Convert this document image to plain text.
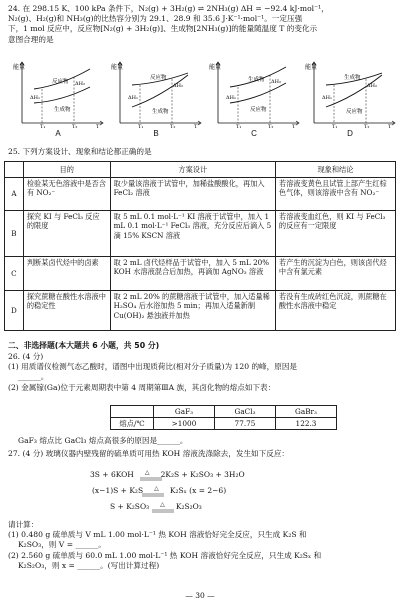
24. 在 298.15 K、100 kPa 条件下，N₂(g) + 3H₂(g) ⇌ 2NH₃(g) ΔH = −92.4 kJ·mol⁻¹，

N₂(g)、H₂(g)和 NH₃(g)的比热容分别为 29.1、28.9 和 35.6 J·K⁻¹·mol⁻¹。一定压强

下，1 mol 反应中，反应物[N₂(g) + 3H₂(g)]、生成物[2NH₃(g)]的能量随温度 T 的变化示

意图合理的是

能量
反应物
生成物
ΔH₁
ΔH₂
T₁	T₂	T
A
能量
反应物
生成物
ΔH₁
ΔH₂
T₁	T₂	T
B
能量
生成物
反应物
ΔH₁
ΔH₂
T₁	T₂	T
C
能量
生成物
反应物
ΔH₁
ΔH₂
T₁	T₂	T
D
25. 下列方案设计、现象和结论都正确的是
	目的	方案设计	现象和结论
A	检验某无色溶液中是否含有 NO₂⁻	取少量该溶液于试管中，加稀盐酸酸化，再加入 FeCl₂ 溶液	若溶液变黄色且试管上部产生红棕色气体，则该溶液中含有 NO₂⁻
B	探究 KI 与 FeCl₃ 反应的限度	取 5 mL 0.1 mol·L⁻¹ KI 溶液于试管中，加入 1 mL 0.1 mol·L⁻¹ FeCl₃ 溶液，充分反应后滴入 5 滴 15% KSCN 溶液	若溶液变血红色，则 KI 与 FeCl₃ 的反应有一定限度
C	判断某卤代烃中的卤素	取 2 mL 卤代烃样品于试管中，加入 5 mL 20% KOH 水溶液混合后加热，再滴加 AgNO₃ 溶液	若产生的沉淀为白色，则该卤代烃中含有氯元素
D	探究蔗糖在酸性水溶液中的稳定性	取 2 mL 20% 的蔗糖溶液于试管中，加入适量稀 H₂SO₄ 后水浴加热 5 min；再加入适量新制 Cu(OH)₂ 悬浊液并加热	若没有生成砖红色沉淀，则蔗糖在酸性水溶液中稳定
二、非选择题(本大题共 6 小题，共 50 分)

26. (4 分)

(1) 用质谱仪检测气态乙酸时，谱图中出现质荷比(相对分子质量)为 120 的峰，原因是

______。

(2) 金属镓(Ga)位于元素周期表中第 4 周期第ⅢA 族，其卤化物的熔点如下表：

	GaF₃	GaCl₃	GaBr₃
熔点/℃	>1000	77.75	122.3
GaF₃ 熔点比 GaCl₃ 熔点高很多的原因是______。
27. (4 分) 玻璃仪器内壁残留的硫单质可用热 KOH 溶液洗涤除去，发生如下反应：
3S + 6KOH △ 2K₂S + K₂SO₃ + 3H₂O
(x−1)S + K₂S △ K₂Sₓ (x = 2~6)
S + K₂SO₃ △ K₂S₂O₃

请计算：

(1) 0.480 g 硫单质与 V mL 1.00 mol·L⁻¹ 热 KOH 溶液恰好完全反应，只生成 K₂S 和

K₂SO₃，则 V = ______。

(2) 2.560 g 硫单质与 60.0 mL 1.00 mol·L⁻¹ 热 KOH 溶液恰好完全反应，只生成 K₂Sₓ 和

K₂S₂O₃，则 x = ______。(写出计算过程)

— 30 —
